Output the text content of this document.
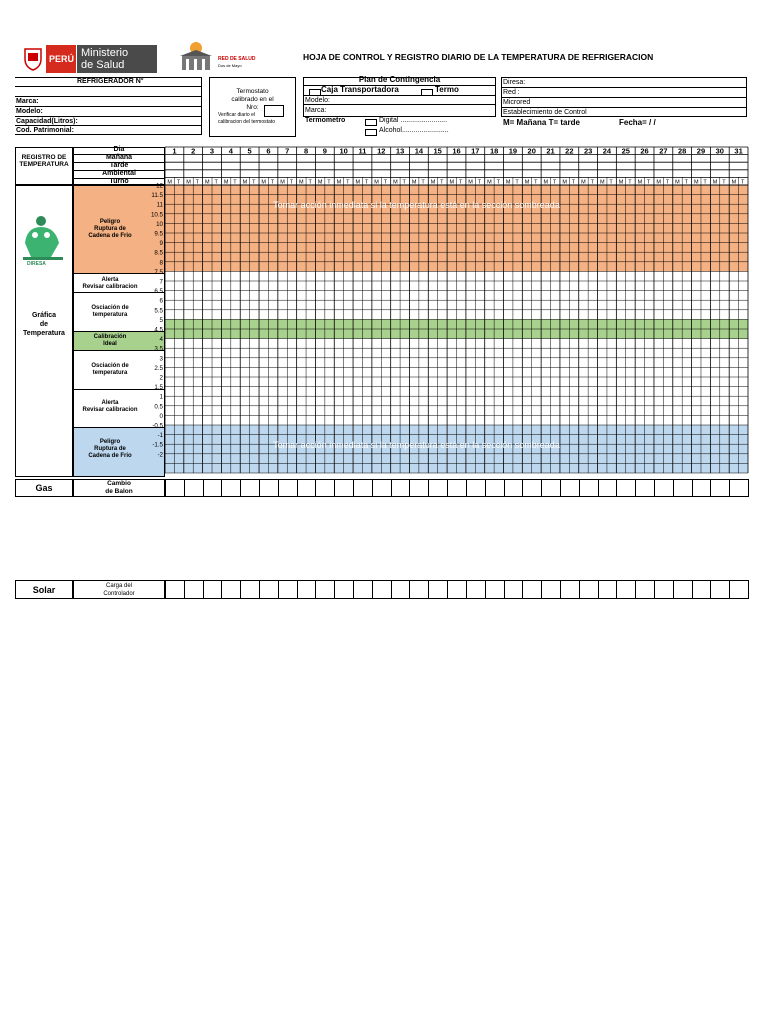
PERÚ Ministerio
de Salud	RED DE SALUD
Dos de Mayo
HOJA DE CONTROL Y REGISTRO DIARIO DE LA TEMPERATURA DE REFRIGERACION
REFRIGERADOR N°
Marca:
Modelo:
Capacidad(Litros):
Cod. Patrimonial:
Termostato
calibrado en el
Nro:
Verificar diario el
calibracion del termostato
Plan de Contingencia
Caja Transportadora	Termo
Modelo:
Marca:
Termometro	Digital ........................
Alcohol........................
Diresa:
Red :
Microred
Establecimiento de Control
M= Mañana T= tarde	Fecha= / /
REGISTRO DE
TEMPERATURA
Dia
Mañana
Tarde
Ambiental
Turno
DIRESA
Gráfica
de
Temperatura
Peligro
Ruptura de
Cadena de Frio
Alerta
Revisar calibracion
Osciación de
temperatura
Calibración
Ideal
Osciación de
temperatura
Alerta
Revisar calibracion
Peligro
Ruptura de
Cadena de Frio
1 2 3 4 5 6 7 8 9 10 11 12 13 14 15 16 17 18 19 20 21 22 23 24 25 26 27 28 29 30 31
M T M T M T M T M T M T M T M T M T M T M T M T M T M T M T M T M T M T M T M T M T M T M T M T M T M T M T M T M T M T M T
12
11.5
11
10.5
10
9.5
9
8.5
8
7.5
7
6.5
6
5.5
5
4.5
4
3.5
3
2.5
2
1.5
1
0.5
0
-0.5
-1
-1.5
-2
Tomar acción inmediata si la temperatura está en la sección sombreada
Tomar acción inmediata si la temperatura está en la sección sombreada
Gas	Cambio
de Balon
Solar	Carga del
Controlador
